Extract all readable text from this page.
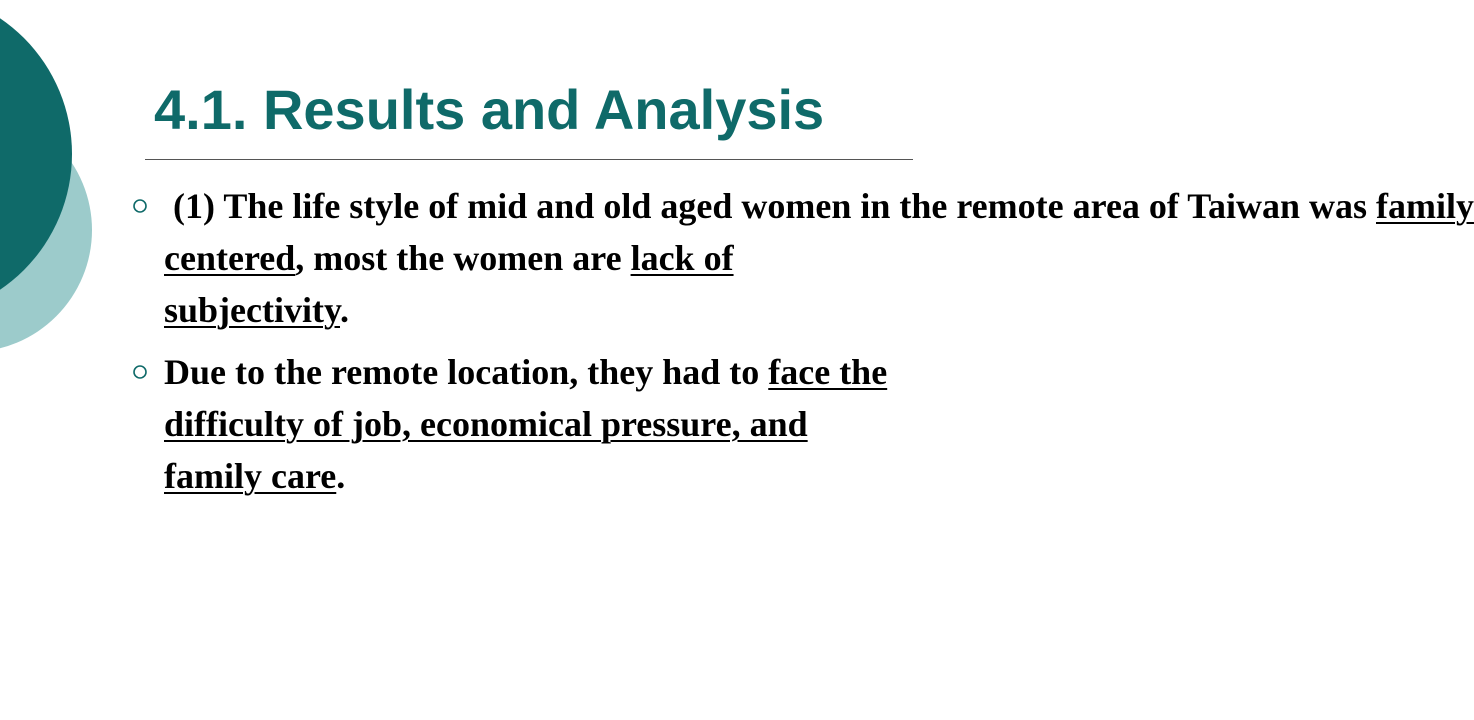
4.1. Results and Analysis
(1) The life style of mid and old aged women in the remote area of Taiwan was family centered, most the women are lack of subjectivity.
Due to the remote location, they had to face the difficulty of job, economical pressure, and family care.
